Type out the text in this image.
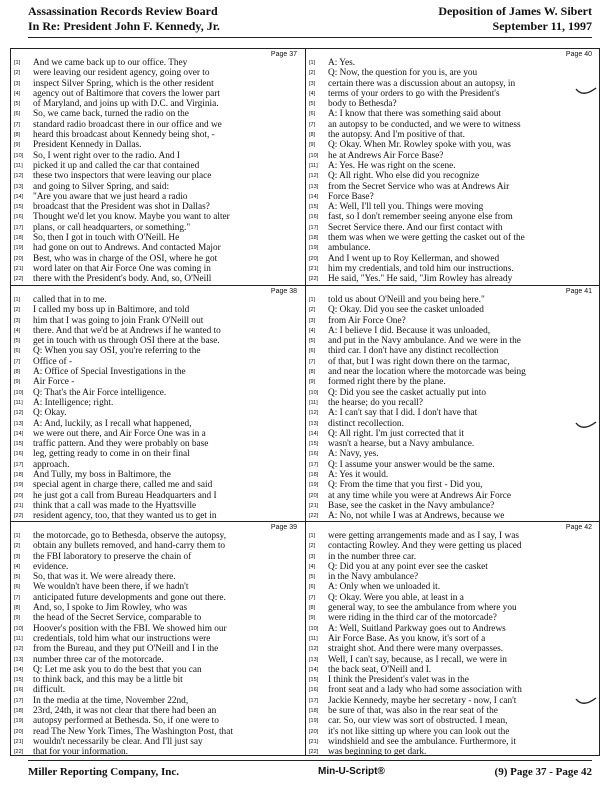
Assassination Records Review Board
In Re: President John F. Kennedy, Jr.
Deposition of James W. Sibert
September 11, 1997
Page 37
[1]	And we came back up to our office. They
[2]	were leaving our resident agency, going over to
[3]	inspect Silver Spring, which is the other resident
[4]	agency out of Baltimore that covers the lower part
[5]	of Maryland, and joins up with D.C. and Virginia.
[6]	So, we came back, turned the radio on the
[7]	standard radio broadcast there in our office and we
[8]	heard this broadcast about Kennedy being shot, -
[9]	President Kennedy in Dallas.
[10]	So, I went right over to the radio. And I
[11]	picked it up and called the car that contained
[12]	these two inspectors that were leaving our place
[13]	and going to Silver Spring, and said:
[14]	"Are you aware that we just heard a radio
[15]	broadcast that the President was shot in Dallas?
[16]	Thought we'd let you know. Maybe you want to alter
[17]	plans, or call headquarters, or something."
[18]	So, then I got in touch with O'Neill. He
[19]	had gone on out to Andrews. And contacted Major
[20]	Best, who was in charge of the OSI, where he got
[21]	word later on that Air Force One was coming in
[22]	there with the President's body. And, so, O'Neill
Page 40
[1]	A: Yes.
[2]	Q: Now, the question for you is, are you
[3]	certain there was a discussion about an autopsy, in
[4]	terms of your orders to go with the President's
[5]	body to Bethesda?
[6]	A: I know that there was something said about
[7]	an autopsy to be conducted, and we were to witness
[8]	the autopsy. And I'm positive of that.
[9]	Q: Okay. When Mr. Rowley spoke with you, was
[10]	he at Andrews Air Force Base?
[11]	A: Yes. He was right on the scene.
[12]	Q: All right. Who else did you recognize
[13]	from the Secret Service who was at Andrews Air
[14]	Force Base?
[15]	A: Well, I'll tell you. Things were moving
[16]	fast, so I don't remember seeing anyone else from
[17]	Secret Service there. And our first contact with
[18]	them was when we were getting the casket out of the
[19]	ambulance.
[20]	And I went up to Roy Kellerman, and showed
[21]	him my credentials, and told him our instructions.
[22]	He said, "Yes." He said, "Jim Rowley has already
Page 38
[1]	called that in to me.
[2]	I called my boss up in Baltimore, and told
[3]	him that I was going to join Frank O'Neill out
[4]	there. And that we'd be at Andrews if he wanted to
[5]	get in touch with us through OSI there at the base.
[6]	Q: When you say OSI, you're referring to the
[7]	Office of -
[8]	A: Office of Special Investigations in the
[9]	Air Force -
[10]	Q: That's the Air Force intelligence.
[11]	A: Intelligence; right.
[12]	Q: Okay.
[13]	A: And, luckily, as I recall what happened,
[14]	we were out there, and Air Force One was in a
[15]	traffic pattern. And they were probably on base
[16]	leg, getting ready to come in on their final
[17]	approach.
[18]	And Tully, my boss in Baltimore, the
[19]	special agent in charge there, called me and said
[20]	he just got a call from Bureau Headquarters and I
[21]	think that a call was made to the Hyattsville
[22]	resident agency, too, that they wanted us to get in
Page 41
[1]	told us about O'Neill and you being here."
[2]	Q: Okay. Did you see the casket unloaded
[3]	from Air Force One?
[4]	A: I believe I did. Because it was unloaded,
[5]	and put in the Navy ambulance. And we were in the
[6]	third car. I don't have any distinct recollection
[7]	of that, but I was right down there on the tarmac,
[8]	and near the location where the motorcade was being
[9]	formed right there by the plane.
[10]	Q: Did you see the casket actually put into
[11]	the hearse; do you recall?
[12]	A: I can't say that I did. I don't have that
[13]	distinct recollection.
[14]	Q: All right. I'm just corrected that it
[15]	wasn't a hearse, but a Navy ambulance.
[16]	A: Navy, yes.
[17]	Q: I assume your answer would be the same.
[18]	A: Yes it would.
[19]	Q: From the time that you first - Did you,
[20]	at any time while you were at Andrews Air Force
[21]	Base, see the casket in the Navy ambulance?
[22]	A: No, not while I was at Andrews, because we
Page 39
[1]	the motorcade, go to Bethesda, observe the autopsy,
[2]	obtain any bullets removed, and hand-carry them to
[3]	the FBI laboratory to preserve the chain of
[4]	evidence.
[5]	So, that was it. We were already there.
[6]	We wouldn't have been there, if we hadn't
[7]	anticipated future developments and gone out there.
[8]	And, so, I spoke to Jim Rowley, who was
[9]	the head of the Secret Service, comparable to
[10]	Hoover's position with the FBI. We showed him our
[11]	credentials, told him what our instructions were
[12]	from the Bureau, and they put O'Neill and I in the
[13]	number three car of the motorcade.
[14]	Q: Let me ask you to do the best that you can
[15]	to think back, and this may be a little bit
[16]	difficult.
[17]	In the media at the time, November 22nd,
[18]	23rd, 24th, it was not clear that there had been an
[19]	autopsy performed at Bethesda. So, if one were to
[20]	read The New York Times, The Washington Post, that
[21]	wouldn't necessarily be clear. And I'll just say
[22]	that for your information.
Page 42
[1]	were getting arrangements made and as I say, I was
[2]	contacting Rowley. And they were getting us placed
[3]	in the number three car.
[4]	Q: Did you at any point ever see the casket
[5]	in the Navy ambulance?
[6]	A: Only when we unloaded it.
[7]	Q: Okay. Were you able, at least in a
[8]	general way, to see the ambulance from where you
[9]	were riding in the third car of the motorcade?
[10]	A: Well, Suitland Parkway goes out to Andrews
[11]	Air Force Base. As you know, it's sort of a
[12]	straight shot. And there were many overpasses.
[13]	Well, I can't say, because, as I recall, we were in
[14]	the back seat, O'Neill and I.
[15]	I think the President's valet was in the
[16]	front seat and a lady who had some association with
[17]	Jackie Kennedy, maybe her secretary - now, I can't
[18]	be sure of that, was also in the rear seat of the
[19]	car. So, our view was sort of obstructed. I mean,
[20]	it's not like sitting up where you can look out the
[21]	windshield and see the ambulance. Furthermore, it
[22]	was beginning to get dark.
Miller Reporting Company, Inc.	Min-U-Script®	(9) Page 37 - Page 42
